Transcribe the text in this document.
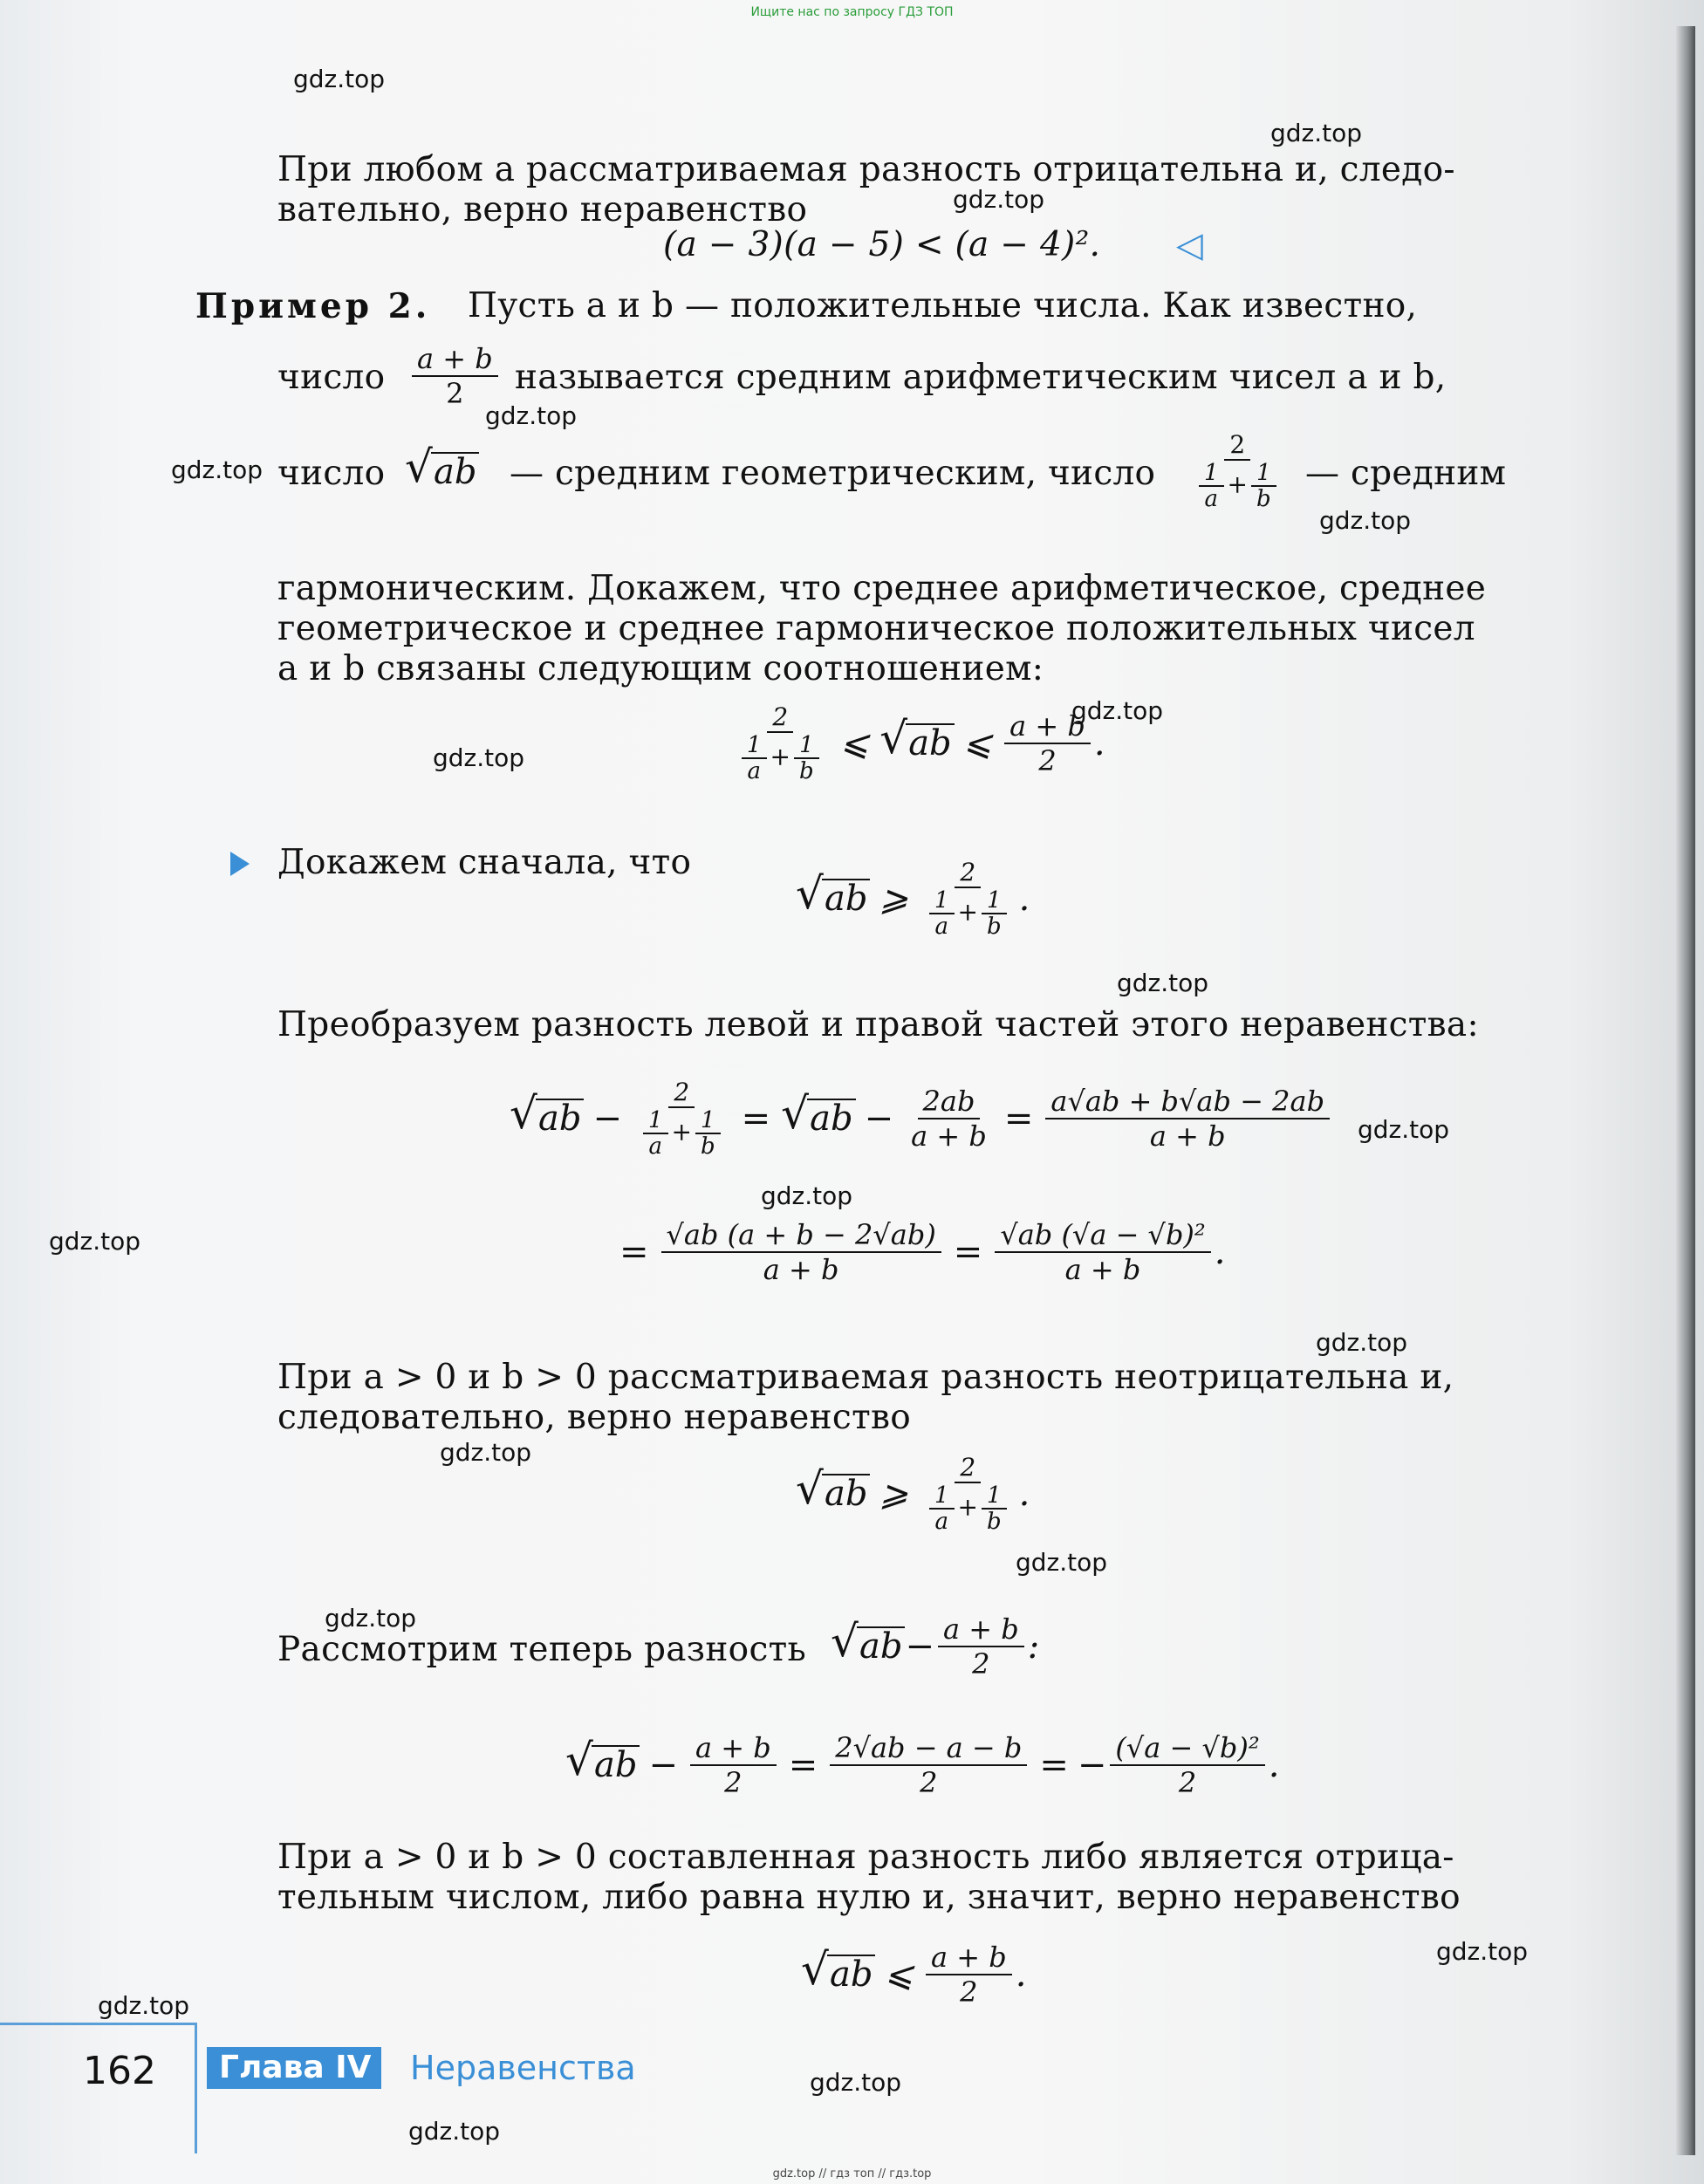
Ищите нас по запросу ГДЗ ТОП
gdz.top
gdz.top
gdz.top
gdz.top
gdz.top
gdz.top
gdz.top
gdz.top
gdz.top
gdz.top
gdz.top
gdz.top
gdz.top
gdz.top
gdz.top
gdz.top
gdz.top
gdz.top
gdz.top
gdz.top
При любом a рассматриваемая разность отрицательна и, следо-
вательно, верно неравенство
(a − 3)(a − 5) < (a − 4)². ◁
Пример 2. Пусть a и b — положительные числа. Как известно,
число $\frac{a + b}{2}$ называется средним арифметическим чисел a и b,
число	√ ab — средним геометрическим, число $\frac{2}{\frac{1}{a} + \frac{1}{b}}$ — средним
гармоническим. Докажем, что среднее арифметическое, среднее
геометрическое и среднее гармоническое положительных чисел
a и b связаны следующим соотношением:
$\frac{2}{\frac{1}{a} + \frac{1}{b}}$ ⩽	√ ab ⩽ $\frac{a + b}{2}$ .
Докажем сначала, что
√ ab ⩾ $\frac{2}{\frac{1}{a} + \frac{1}{b}}$ .
Преобразуем разность левой и правой частей этого неравенства:
√ ab − $\frac{2}{\frac{1}{a} + \frac{1}{b}}$ =	√ ab − $\frac{2ab}{a + b} = \frac{a√ab + b√ab - 2ab}{a + b}$
= $\frac{√ab (a + b - 2√ab)}{a + b} = \frac{\text{√ab (√a − √b)²}}{a + b}$ .
При a > 0 и b > 0 рассматриваемая разность неотрицательна и,
следовательно, верно неравенство
√ ab ⩾ $\frac{2}{\frac{1}{a} + \frac{1}{b}}$ .
Рассмотрим теперь разность	√ ab − $\frac{a + b}{2}$ :
√ ab − $\frac{a + b}{2} = \frac{2√ab - a - b}{2}$ = − $\frac{\text{(√a − √b)²}}{2}$ .
При a > 0 и b > 0 составленная разность либо является отрица-
тельным числом, либо равна нулю и, значит, верно неравенство
√ ab ⩽ $\frac{a + b}{2}$ .
162	Глава IV	Неравенства
gdz.top // гдз топ // гдз.top
